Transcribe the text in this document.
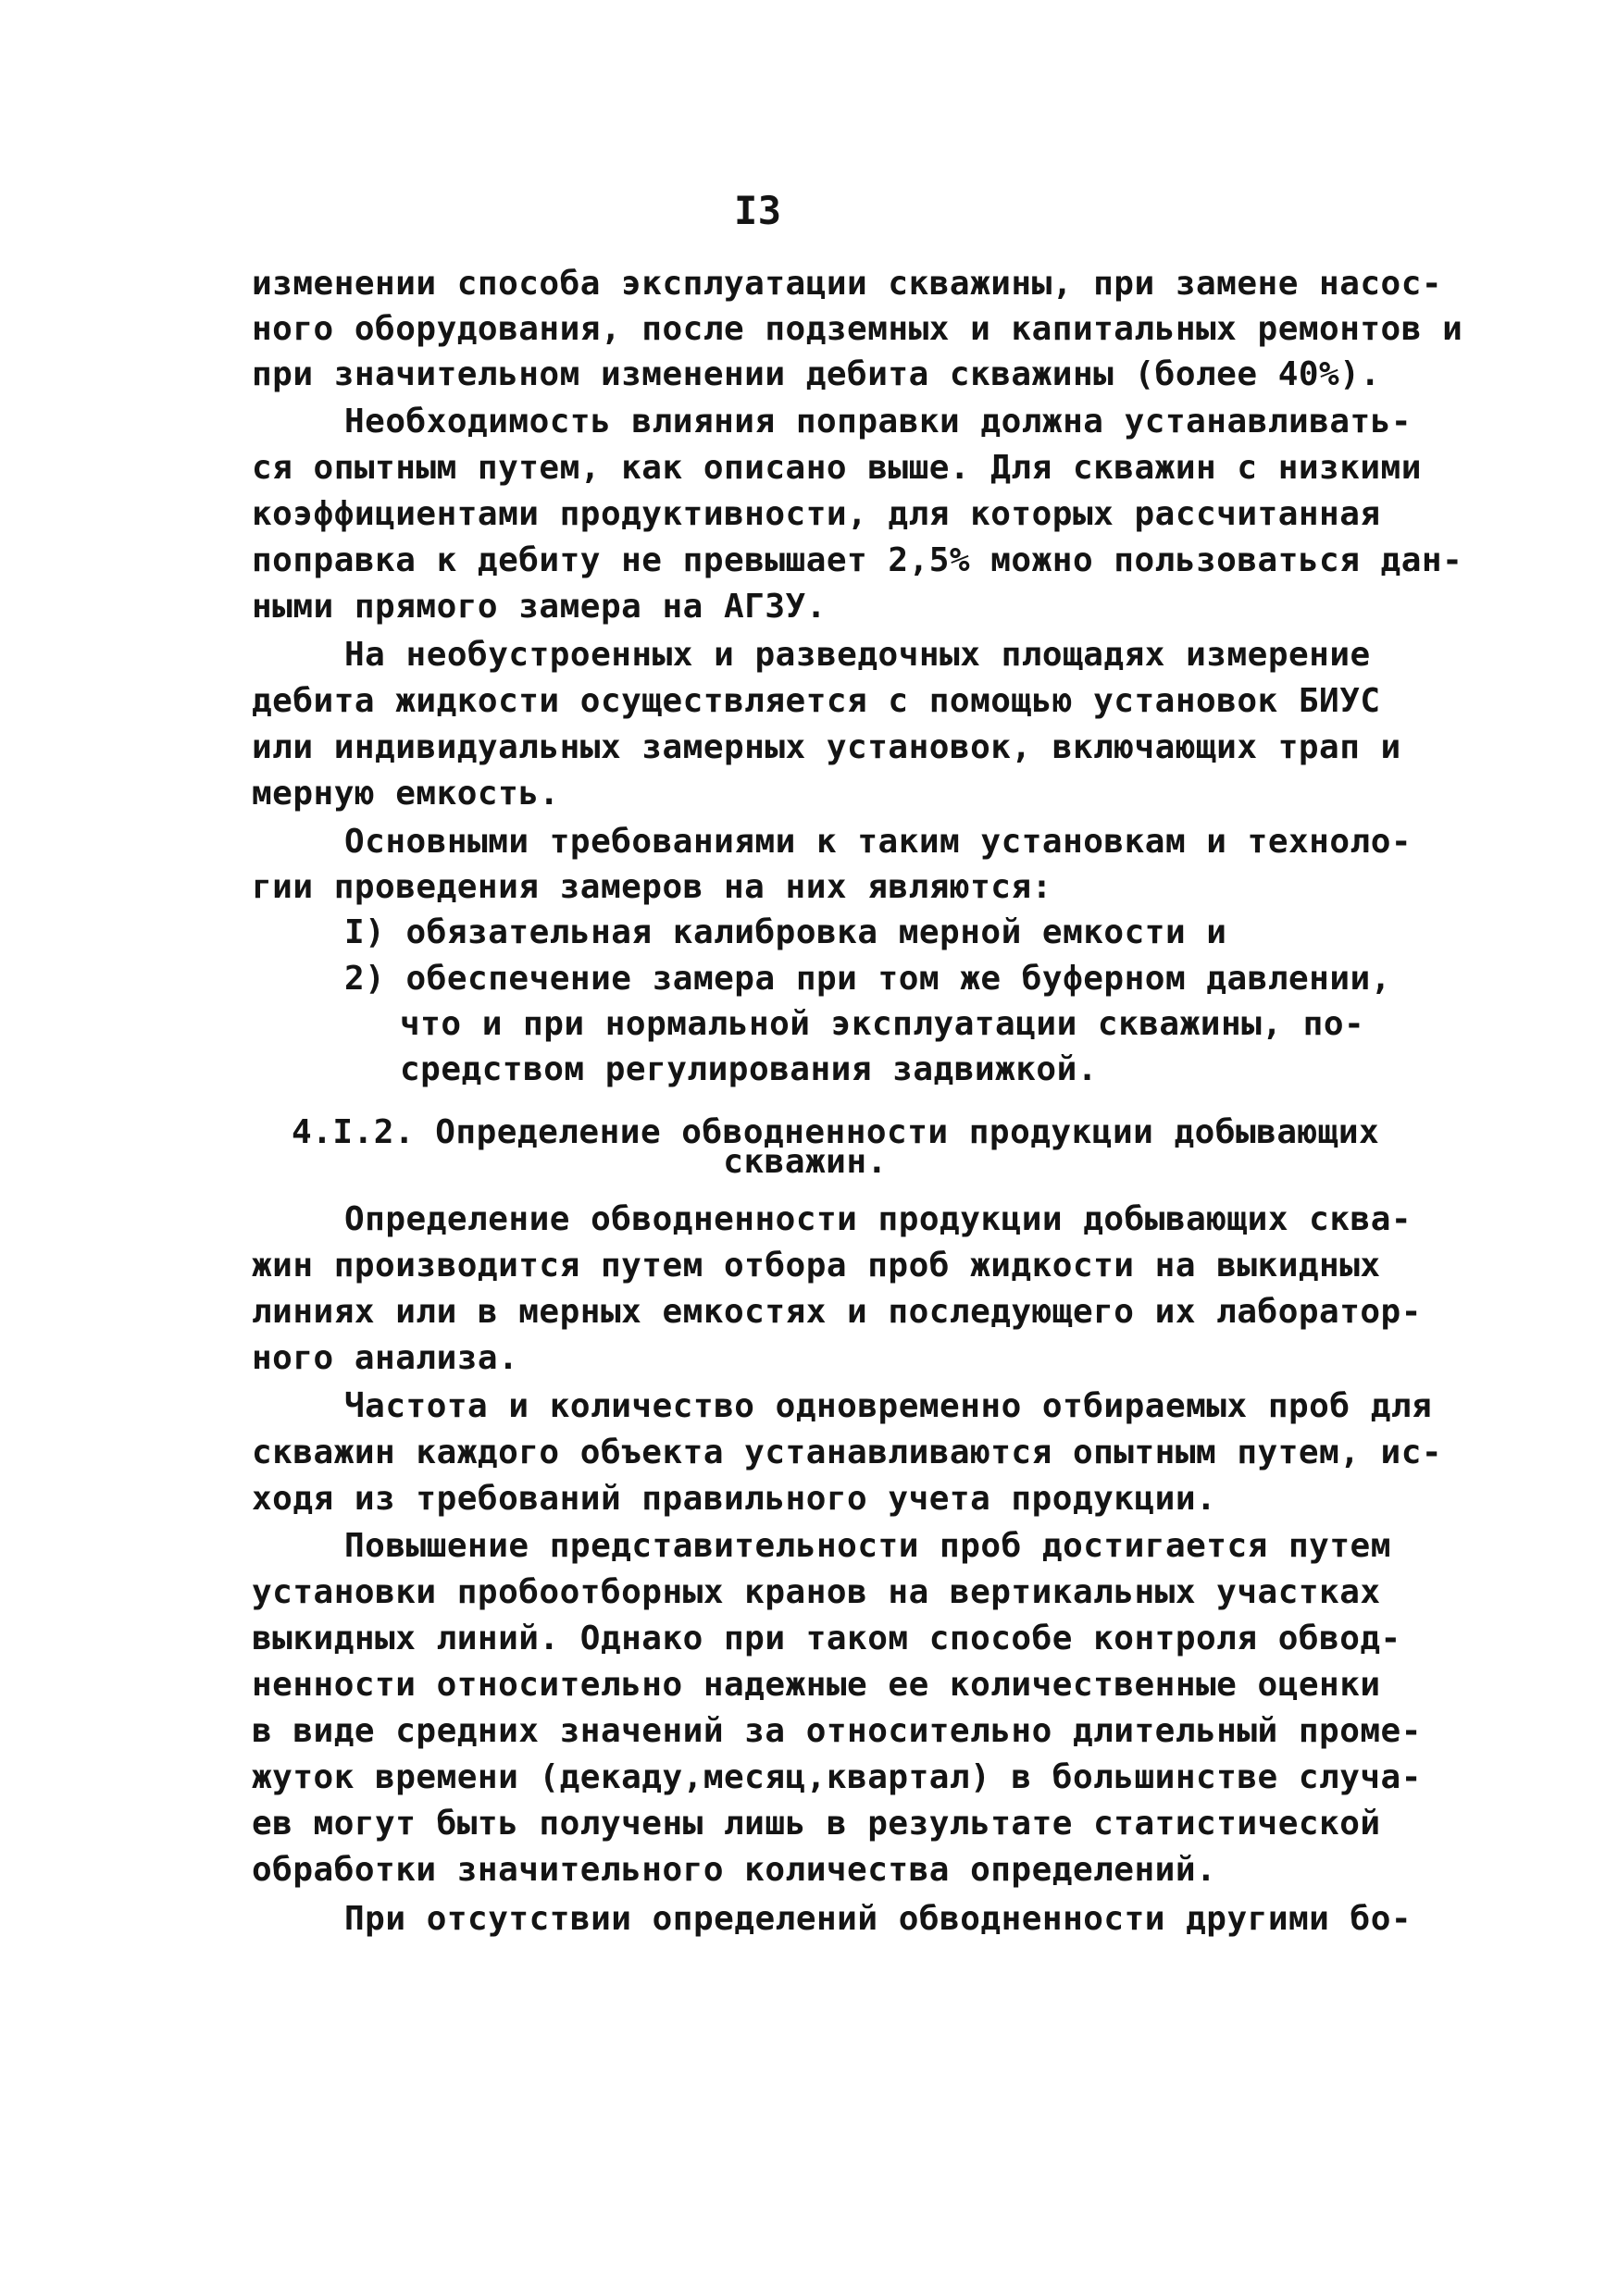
I3
изменении способа эксплуатации скважины, при замене насос-
ного оборудования, после подземных и капитальных ремонтов и
при значительном изменении дебита скважины (более 40%).
Необходимость влияния поправки должна устанавливать-
ся опытным путем, как описано выше. Для скважин с низкими
коэффициентами продуктивности, для которых рассчитанная
поправка к дебиту не превышает 2,5% можно пользоваться дан-
ными прямого замера на АГЗУ.
На необустроенных и разведочных площадях измерение
дебита жидкости осуществляется с помощью установок БИУС
или индивидуальных замерных установок, включающих трап и
мерную емкость.
Основными требованиями к таким установкам и техноло-
гии проведения замеров на них являются:
I) обязательная калибровка мерной емкости и
2) обеспечение замера при том же буферном давлении,
что и при нормальной эксплуатации скважины, по-
средством регулирования задвижкой.
4.I.2. Определение обводненности продукции добывающих
скважин.
Определение обводненности продукции добывающих сква-
жин производится путем отбора проб жидкости на выкидных
линиях или в мерных емкостях и последующего их лаборатор-
ного анализа.
Частота и количество одновременно отбираемых проб для
скважин каждого объекта устанавливаются опытным путем, ис-
ходя из требований правильного учета продукции.
Повышение представительности проб достигается путем
установки пробоотборных кранов на вертикальных участках
выкидных линий. Однако при таком способе контроля обвод-
ненности относительно надежные ее количественные оценки
в виде средних значений за относительно длительный проме-
жуток времени (декаду,месяц,квартал) в большинстве случа-
ев могут быть получены лишь в результате статистической
обработки значительного количества определений.
При отсутствии определений обводненности другими бо-
